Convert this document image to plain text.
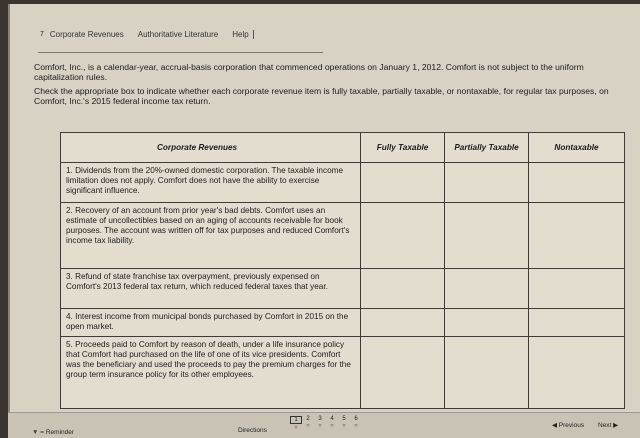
7 Corporate Revenues Authoritative Literature Help

Comfort, Inc., is a calendar-year, accrual-basis corporation that commenced operations on January 1, 2012. Comfort is not subject to the uniform capitalization rules.

Check the appropriate box to indicate whether each corporate revenue item is fully taxable, partially taxable, or nontaxable, for regular tax purposes, on Comfort, Inc.'s 2015 federal income tax return.

Corporate Revenues	Fully Taxable	Partially Taxable	Nontaxable
1. Dividends from the 20%-owned domestic corporation. The taxable income limitation does not apply. Comfort does not have the ability to exercise significant influence.			
2. Recovery of an account from prior year's bad debts. Comfort uses an estimate of uncollectibles based on an aging of accounts receivable for book purposes. The account was written off for tax purposes and reduced Comfort's income tax liability.			
3. Refund of state franchise tax overpayment, previously expensed on Comfort's 2013 federal tax return, which reduced federal taxes that year.			
4. Interest income from municipal bonds purchased by Comfort in 2015 on the open market.			
5. Proceeds paid to Comfort by reason of death, under a life insurance policy that Comfort had purchased on the life of one of its vice presidents. Comfort was the beneficiary and used the proceeds to pay the premium charges for the group term insurance policy for its other employees.			
▼ = Reminder	Directions
1
▿
2
▿
3
▿
4
▿
5
▿
6
▿	◀ Previous Next ▶
